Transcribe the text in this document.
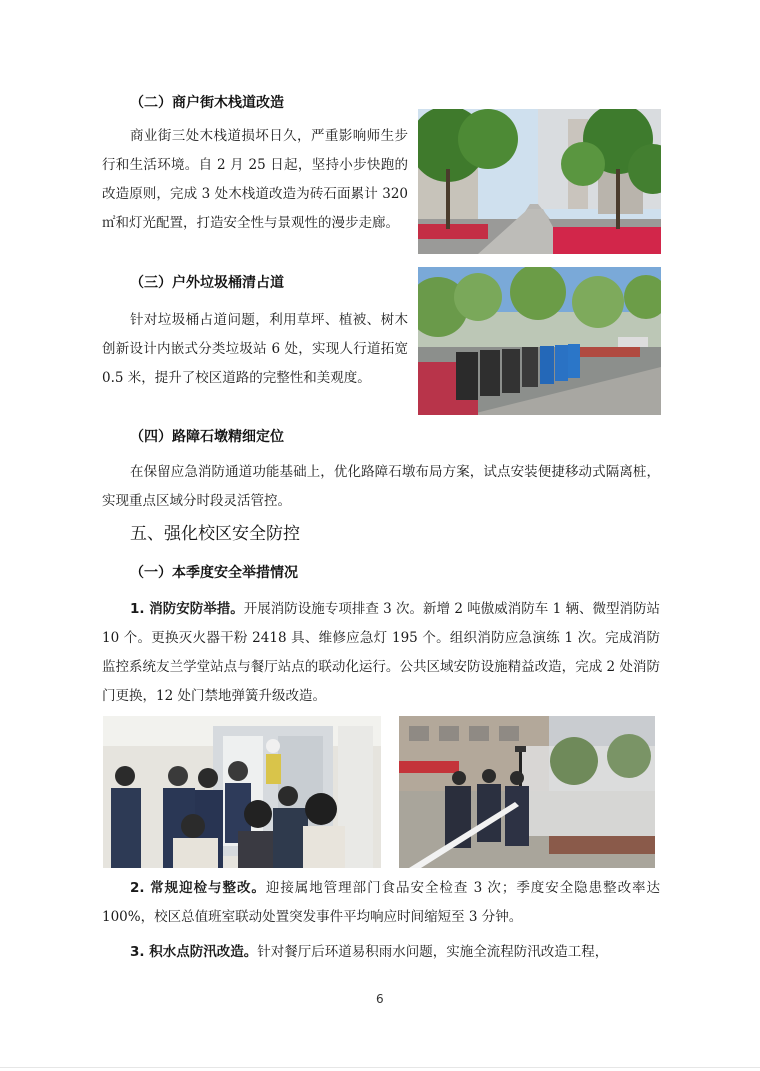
（二）商户街木栈道改造

商业街三处木栈道损坏日久，严重影响师生步行和生活环境。自 2 月 25 日起，坚持小步快跑的改造原则，完成 3 处木栈道改造为砖石面累计 320 ㎡和灯光配置，打造安全性与景观性的漫步走廊。

（三）户外垃圾桶清占道

针对垃圾桶占道问题，利用草坪、植被、树木创新设计内嵌式分类垃圾站 6 处，实现人行道拓宽 0.5 米，提升了校区道路的完整性和美观度。

（四）路障石墩精细定位

在保留应急消防通道功能基础上，优化路障石墩布局方案，试点安装便捷移动式隔离桩，实现重点区域分时段灵活管控。

五、强化校区安全防控
（一）本季度安全举措情况

1. 消防安防举措。开展消防设施专项排查 3 次。新增 2 吨傲威消防车 1 辆、微型消防站 10 个。更换灭火器干粉 2418 具、维修应急灯 195 个。组织消防应急演练 1 次。完成消防监控系统友兰学堂站点与餐厅站点的联动化运行。公共区域安防设施精益改造，完成 2 处消防门更换，12 处门禁地弹簧升级改造。

2. 常规迎检与整改。迎接属地管理部门食品安全检查 3 次；季度安全隐患整改率达 100%，校区总值班室联动处置突发事件平均响应时间缩短至 3 分钟。

3. 积水点防汛改造。针对餐厅后环道易积雨水问题，实施全流程防汛改造工程，

6
